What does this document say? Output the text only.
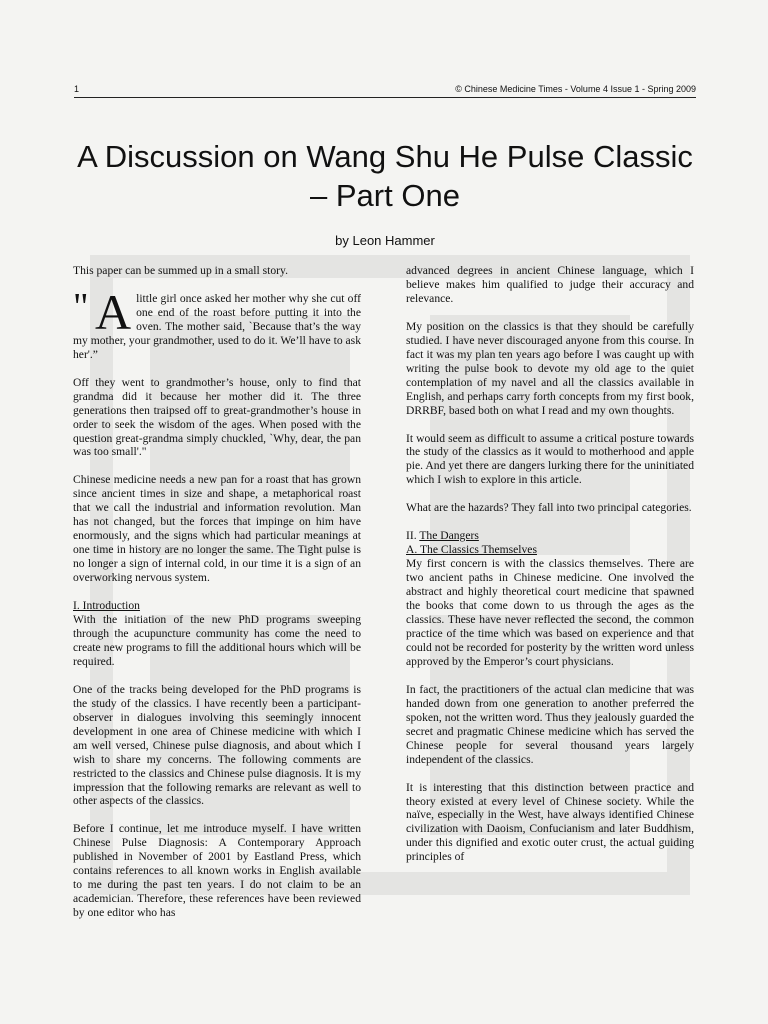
1	© Chinese Medicine Times - Volume 4 Issue 1 - Spring 2009
A Discussion on Wang Shu He Pulse Classic – Part One
by Leon Hammer

This paper can be summed up in a small story.

" A little girl once asked her mother why she cut off one end of the roast before putting it into the oven. The mother said, `Because that’s the way my mother, your grandmother, used to do it. We’ll have to ask her'.”

Off they went to grandmother’s house, only to find that grandma did it because her mother did it. The three generations then traipsed off to great-grandmother’s house in order to seek the wisdom of the ages. When posed with the question great-grandma simply chuckled, `Why, dear, the pan was too small'."

Chinese medicine needs a new pan for a roast that has grown since ancient times in size and shape, a metaphorical roast that we call the industrial and information revolution. Man has not changed, but the forces that impinge on him have enormously, and the signs which had particular meanings at one time in history are no longer the same. The Tight pulse is no longer a sign of internal cold, in our time it is a sign of an overworking nervous system.

I. Introduction

With the initiation of the new PhD programs sweeping through the acupuncture community has come the need to create new programs to fill the additional hours which will be required.

One of the tracks being developed for the PhD programs is the study of the classics. I have recently been a participant-observer in dialogues involving this seemingly innocent development in one area of Chinese medicine with which I am well versed, Chinese pulse diagnosis, and about which I wish to share my concerns. The following comments are restricted to the classics and Chinese pulse diagnosis. It is my impression that the following remarks are relevant as well to other aspects of the classics.

Before I continue, let me introduce myself. I have written Chinese Pulse Diagnosis: A Contemporary Approach published in November of 2001 by Eastland Press, which contains references to all known works in English available to me during the past ten years. I do not claim to be an academician. Therefore, these references have been reviewed by one editor who has

advanced degrees in ancient Chinese language, which I believe makes him qualified to judge their accuracy and relevance.

My position on the classics is that they should be carefully studied. I have never discouraged anyone from this course. In fact it was my plan ten years ago before I was caught up with writing the pulse book to devote my old age to the quiet contemplation of my navel and all the classics available in English, and perhaps carry forth concepts from my first book, DRRBF, based both on what I read and my own thoughts.

It would seem as difficult to assume a critical posture towards the study of the classics as it would to motherhood and apple pie. And yet there are dangers lurking there for the uninitiated which I wish to explore in this article.

What are the hazards? They fall into two principal categories.

II. The Dangers
A. The Classics Themselves

My first concern is with the classics themselves. There are two ancient paths in Chinese medicine. One involved the abstract and highly theoretical court medicine that spawned the books that come down to us through the ages as the classics. These have never reflected the second, the common practice of the time which was based on experience and that could not be recorded for posterity by the written word unless approved by the Emperor’s court physicians.

In fact, the practitioners of the actual clan medicine that was handed down from one generation to another preferred the spoken, not the written word. Thus they jealously guarded the secret and pragmatic Chinese medicine which has served the Chinese people for several thousand years largely independent of the classics.

It is interesting that this distinction between practice and theory existed at every level of Chinese society. While the naïve, especially in the West, have always identified Chinese civilization with Daoism, Confucianism and later Buddhism, under this dignified and exotic outer crust, the actual guiding principles of
